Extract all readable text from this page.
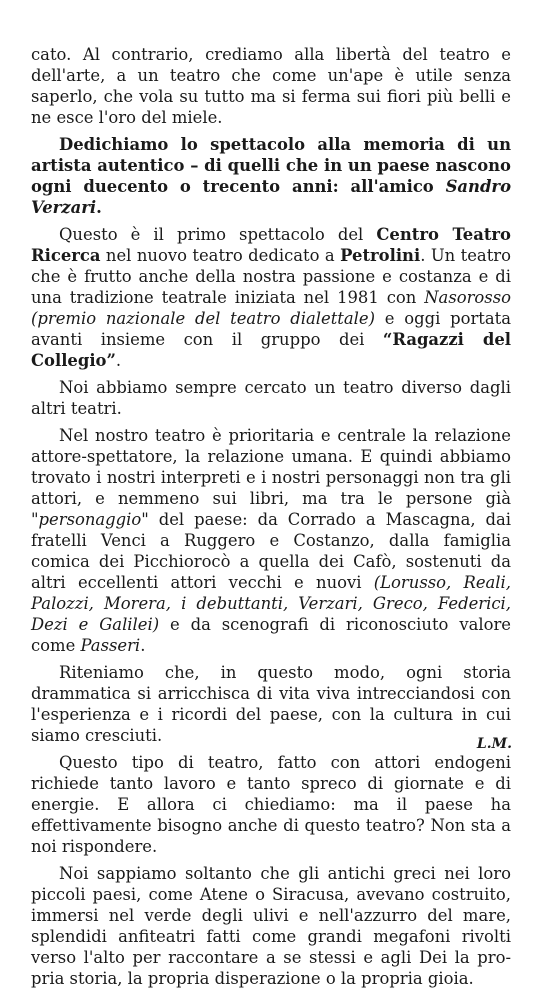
cato. Al contrario, crediamo alla libertà del teatro e dell'arte, a un teatro che come un'ape è utile senza saperlo, che vola su tutto ma si ferma sui fiori più belli e ne esce l'oro del miele.

Dedichiamo lo spettacolo alla memoria di un artista autentico – di quelli che in un paese nascono ogni duecento o trecento anni: all'amico Sandro Verzari.

Questo è il primo spettacolo del Centro Teatro Ricerca nel nuovo teatro dedicato a Petrolini. Un teatro che è frutto anche della nostra passione e costanza e di una tradizione teatrale iniziata nel 1981 con Nasorosso (premio nazionale del teatro dialettale) e oggi portata avanti insieme con il gruppo dei “Ragazzi del Collegio”.

Noi abbiamo sempre cercato un teatro diverso dagli altri teatri.

Nel nostro teatro è prioritaria e centrale la relazione attore-spettatore, la relazione umana. E quindi abbiamo trovato i nostri interpreti e i nostri personaggi non tra gli attori, e nemmeno sui libri, ma tra le persone già "personaggio" del paese: da Corrado a Mascagna, dai fratelli Venci a Ruggero e Costanzo, dalla famiglia comica dei Picchiorocò a quella dei Cafò, sostenuti da altri eccellenti attori vecchi e nuovi (Lorusso, Reali, Palozzi, Morera, i debuttanti, Verzari, Greco, Federici, Dezi e Galilei) e da scenografi di riconosciuto valore come Passeri.

Riteniamo che, in questo modo, ogni storia drammatica si arricchisca di vita viva intrecciandosi con l'esperienza e i ricordi del paese, con la cultura in cui siamo cresciuti.

Questo tipo di teatro, fatto con attori endogeni richiede tanto lavoro e tanto spreco di giornate e di energie. E allora ci chiediamo: ma il paese ha effettivamente bisogno anche di questo teatro? Non sta a noi rispondere.

Noi sappiamo soltanto che gli antichi greci nei loro piccoli paesi, come Atene o Siracusa, avevano costruito, immersi nel verde degli ulivi e nell'azzurro del mare, splendidi anfiteatri fatti come grandi megafoni rivolti verso l'alto per raccontare a se stessi e agli Dei la propria storia, la propria disperazione o la propria gioia.

L.M.
